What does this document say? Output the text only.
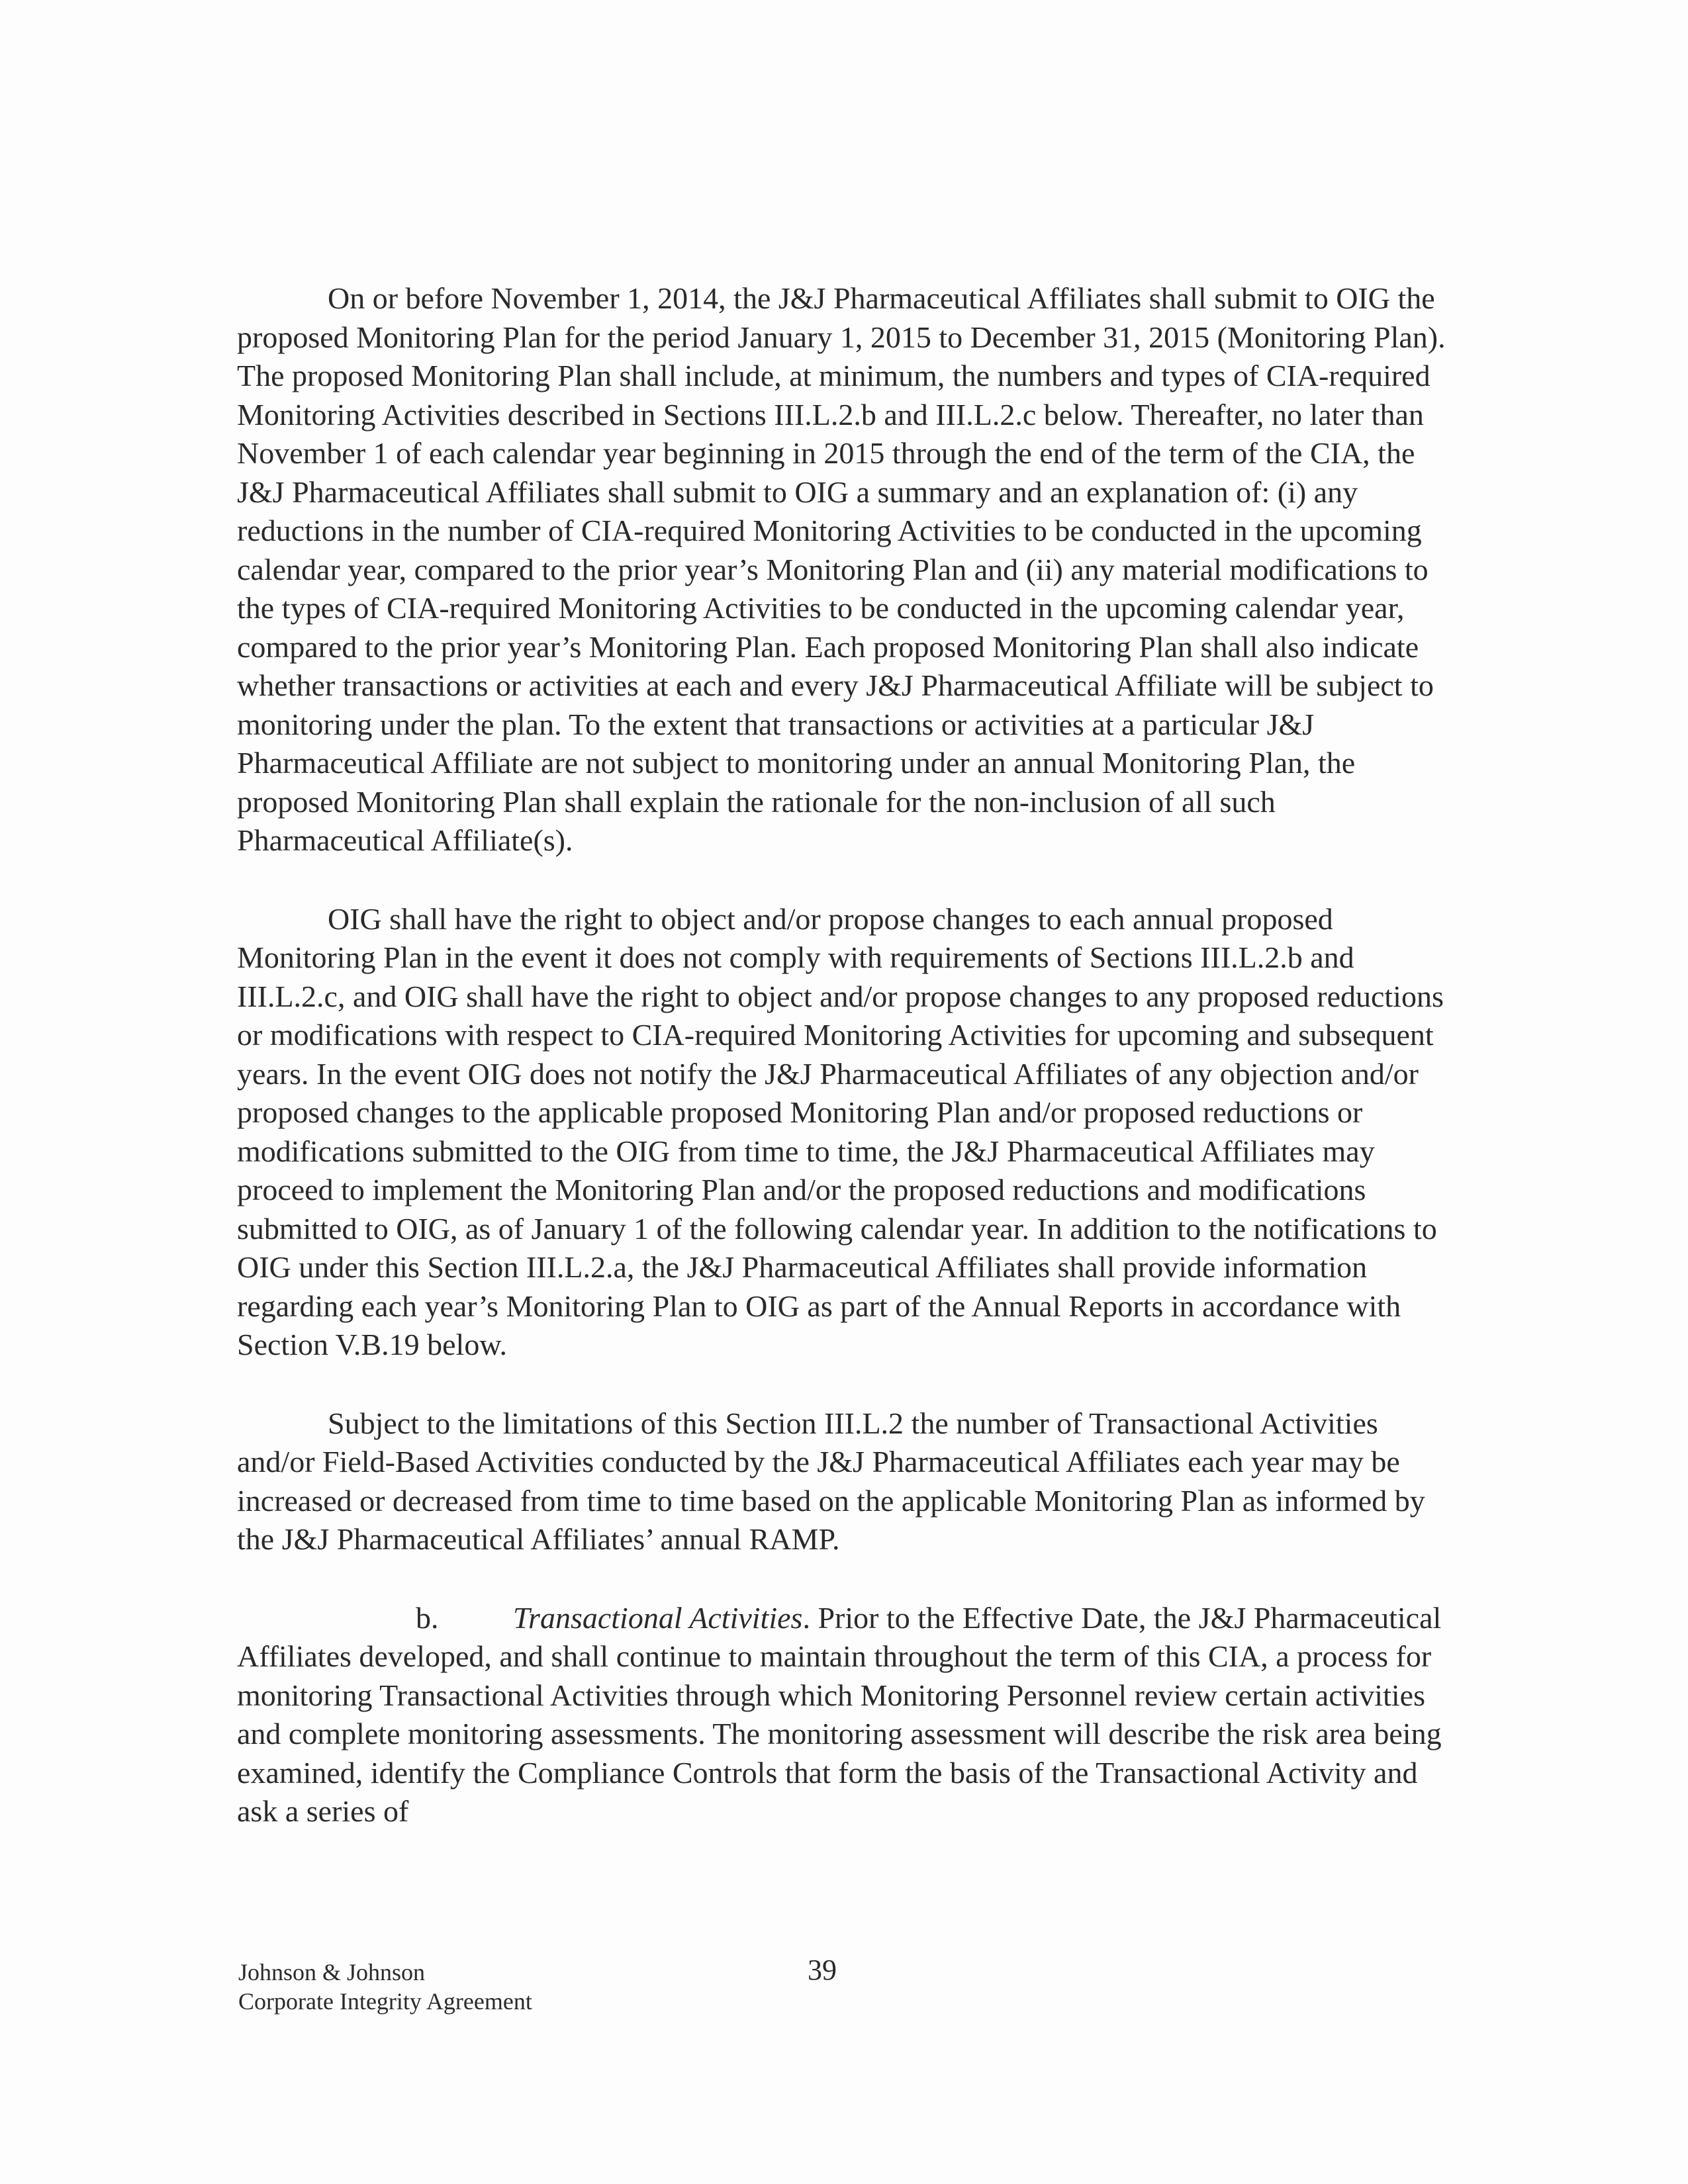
On or before November 1, 2014, the J&J Pharmaceutical Affiliates shall submit to OIG the proposed Monitoring Plan for the period January 1, 2015 to December 31, 2015 (Monitoring Plan). The proposed Monitoring Plan shall include, at minimum, the numbers and types of CIA-required Monitoring Activities described in Sections III.L.2.b and III.L.2.c below. Thereafter, no later than November 1 of each calendar year beginning in 2015 through the end of the term of the CIA, the J&J Pharmaceutical Affiliates shall submit to OIG a summary and an explanation of: (i) any reductions in the number of CIA-required Monitoring Activities to be conducted in the upcoming calendar year, compared to the prior year’s Monitoring Plan and (ii) any material modifications to the types of CIA-required Monitoring Activities to be conducted in the upcoming calendar year, compared to the prior year’s Monitoring Plan. Each proposed Monitoring Plan shall also indicate whether transactions or activities at each and every J&J Pharmaceutical Affiliate will be subject to monitoring under the plan. To the extent that transactions or activities at a particular J&J Pharmaceutical Affiliate are not subject to monitoring under an annual Monitoring Plan, the proposed Monitoring Plan shall explain the rationale for the non-inclusion of all such Pharmaceutical Affiliate(s).

OIG shall have the right to object and/or propose changes to each annual proposed Monitoring Plan in the event it does not comply with requirements of Sections III.L.2.b and III.L.2.c, and OIG shall have the right to object and/or propose changes to any proposed reductions or modifications with respect to CIA-required Monitoring Activities for upcoming and subsequent years. In the event OIG does not notify the J&J Pharmaceutical Affiliates of any objection and/or proposed changes to the applicable proposed Monitoring Plan and/or proposed reductions or modifications submitted to the OIG from time to time, the J&J Pharmaceutical Affiliates may proceed to implement the Monitoring Plan and/or the proposed reductions and modifications submitted to OIG, as of January 1 of the following calendar year. In addition to the notifications to OIG under this Section III.L.2.a, the J&J Pharmaceutical Affiliates shall provide information regarding each year’s Monitoring Plan to OIG as part of the Annual Reports in accordance with Section V.B.19 below.

Subject to the limitations of this Section III.L.2 the number of Transactional Activities and/or Field-Based Activities conducted by the J&J Pharmaceutical Affiliates each year may be increased or decreased from time to time based on the applicable Monitoring Plan as informed by the J&J Pharmaceutical Affiliates’ annual RAMP.

b. Transactional Activities. Prior to the Effective Date, the J&J Pharmaceutical Affiliates developed, and shall continue to maintain throughout the term of this CIA, a process for monitoring Transactional Activities through which Monitoring Personnel review certain activities and complete monitoring assessments. The monitoring assessment will describe the risk area being examined, identify the Compliance Controls that form the basis of the Transactional Activity and ask a series of

Johnson & Johnson
Corporate Integrity Agreement
39
